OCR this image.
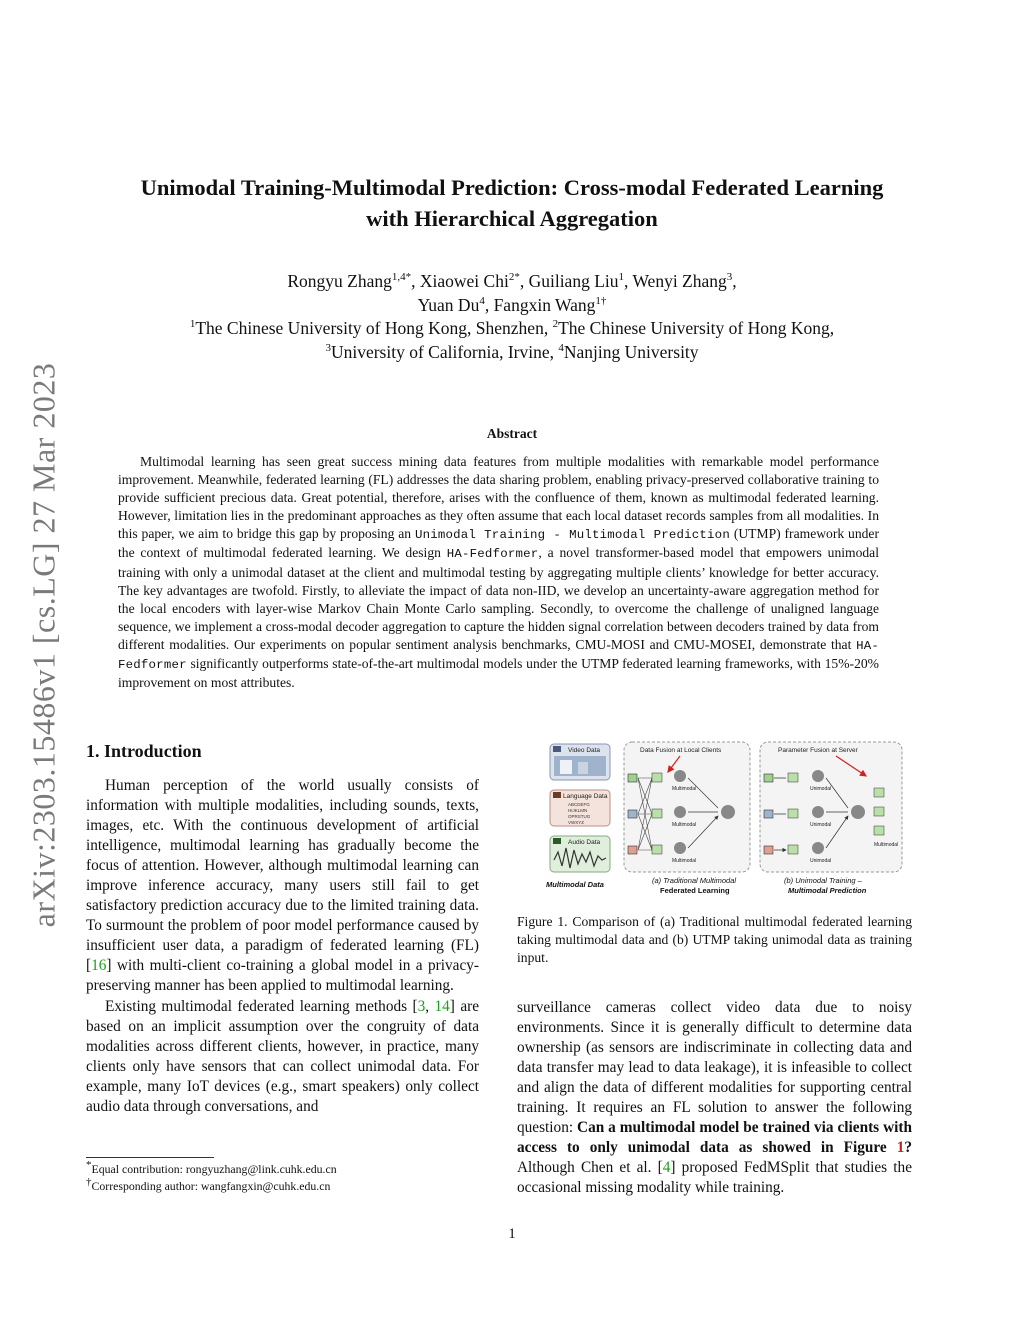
arXiv:2303.15486v1 [cs.LG] 27 Mar 2023
Unimodal Training-Multimodal Prediction: Cross-modal Federated Learning
with Hierarchical Aggregation
Rongyu Zhang$^{1,4*}$, Xiaowei Chi$^{2*}$, Guiliang Liu$^1$, Wenyi Zhang$^3$,
Yuan Du$^4$, Fangxin Wang$^{1\dagger}$
$^1$The Chinese University of Hong Kong, Shenzhen, $^2$The Chinese University of Hong Kong,
$^3$University of California, Irvine, $^4$Nanjing University
Abstract

Multimodal learning has seen great success mining data features from multiple modalities with remarkable model performance improvement. Meanwhile, federated learning (FL) addresses the data sharing problem, enabling privacy-preserved collaborative training to provide sufficient precious data. Great potential, therefore, arises with the confluence of them, known as multimodal federated learning. However, limitation lies in the predominant approaches as they often assume that each local dataset records samples from all modalities. In this paper, we aim to bridge this gap by proposing an Unimodal Training - Multimodal Prediction (UTMP) framework under the context of multimodal federated learning. We design HA-Fedformer, a novel transformer-based model that empowers unimodal training with only a unimodal dataset at the client and multimodal testing by aggregating multiple clients’ knowledge for better accuracy. The key advantages are twofold. Firstly, to alleviate the impact of data non-IID, we develop an uncertainty-aware aggregation method for the local encoders with layer-wise Markov Chain Monte Carlo sampling. Secondly, to overcome the challenge of unaligned language sequence, we implement a cross-modal decoder aggregation to capture the hidden signal correlation between decoders trained by data from different modalities. Our experiments on popular sentiment analysis benchmarks, CMU-MOSI and CMU-MOSEI, demonstrate that HA-Fedformer significantly outperforms state-of-the-art multimodal models under the UTMP federated learning frameworks, with 15%-20% improvement on most attributes.

1. Introduction

Human perception of the world usually consists of information with multiple modalities, including sounds, texts, images, etc. With the continuous development of artificial intelligence, multimodal learning has gradually become the focus of attention. However, although multimodal learning can improve inference accuracy, many users still fail to get satisfactory prediction accuracy due to the limited training data. To surmount the problem of poor model performance caused by insufficient user data, a paradigm of federated learning (FL) [16] with multi-client co-training a global model in a privacy-preserving manner has been applied to multimodal learning.

Existing multimodal federated learning methods [3, 14] are based on an implicit assumption over the congruity of data modalities across different clients, however, in practice, many clients only have sensors that can collect unimodal data. For example, many IoT devices (e.g., smart speakers) only collect audio data through conversations, and

*Equal contribution: rongyuzhang@link.cuhk.edu.cn
†Corresponding author: wangfangxin@cuhk.edu.cn
Video Data
Language Data
ABCDEFG
HIJKLMN
OPRSTUG
VWXYZ
Audio Data
Data Fusion at Local Clients
Multimodal
Multimodal
Multimodal
Parameter Fusion at Server
Unimodal
Unimodal
Unimodal
Multimodal
Multimodal Data	(a) Traditional Multimodal
Federated Learning
(b) Unimodal Training –
Multimodal Prediction
Figure 1. Comparison of (a) Traditional multimodal federated learning taking multimodal data and (b) UTMP taking unimodal data as training input.

surveillance cameras collect video data due to noisy environments. Since it is generally difficult to determine data ownership (as sensors are indiscriminate in collecting data and data transfer may lead to data leakage), it is infeasible to collect and align the data of different modalities for supporting central training. It requires an FL solution to answer the following question: Can a multimodal model be trained via clients with access to only unimodal data as showed in Figure 1? Although Chen et al. [4] proposed FedMSplit that studies the occasional missing modality while training.

1
